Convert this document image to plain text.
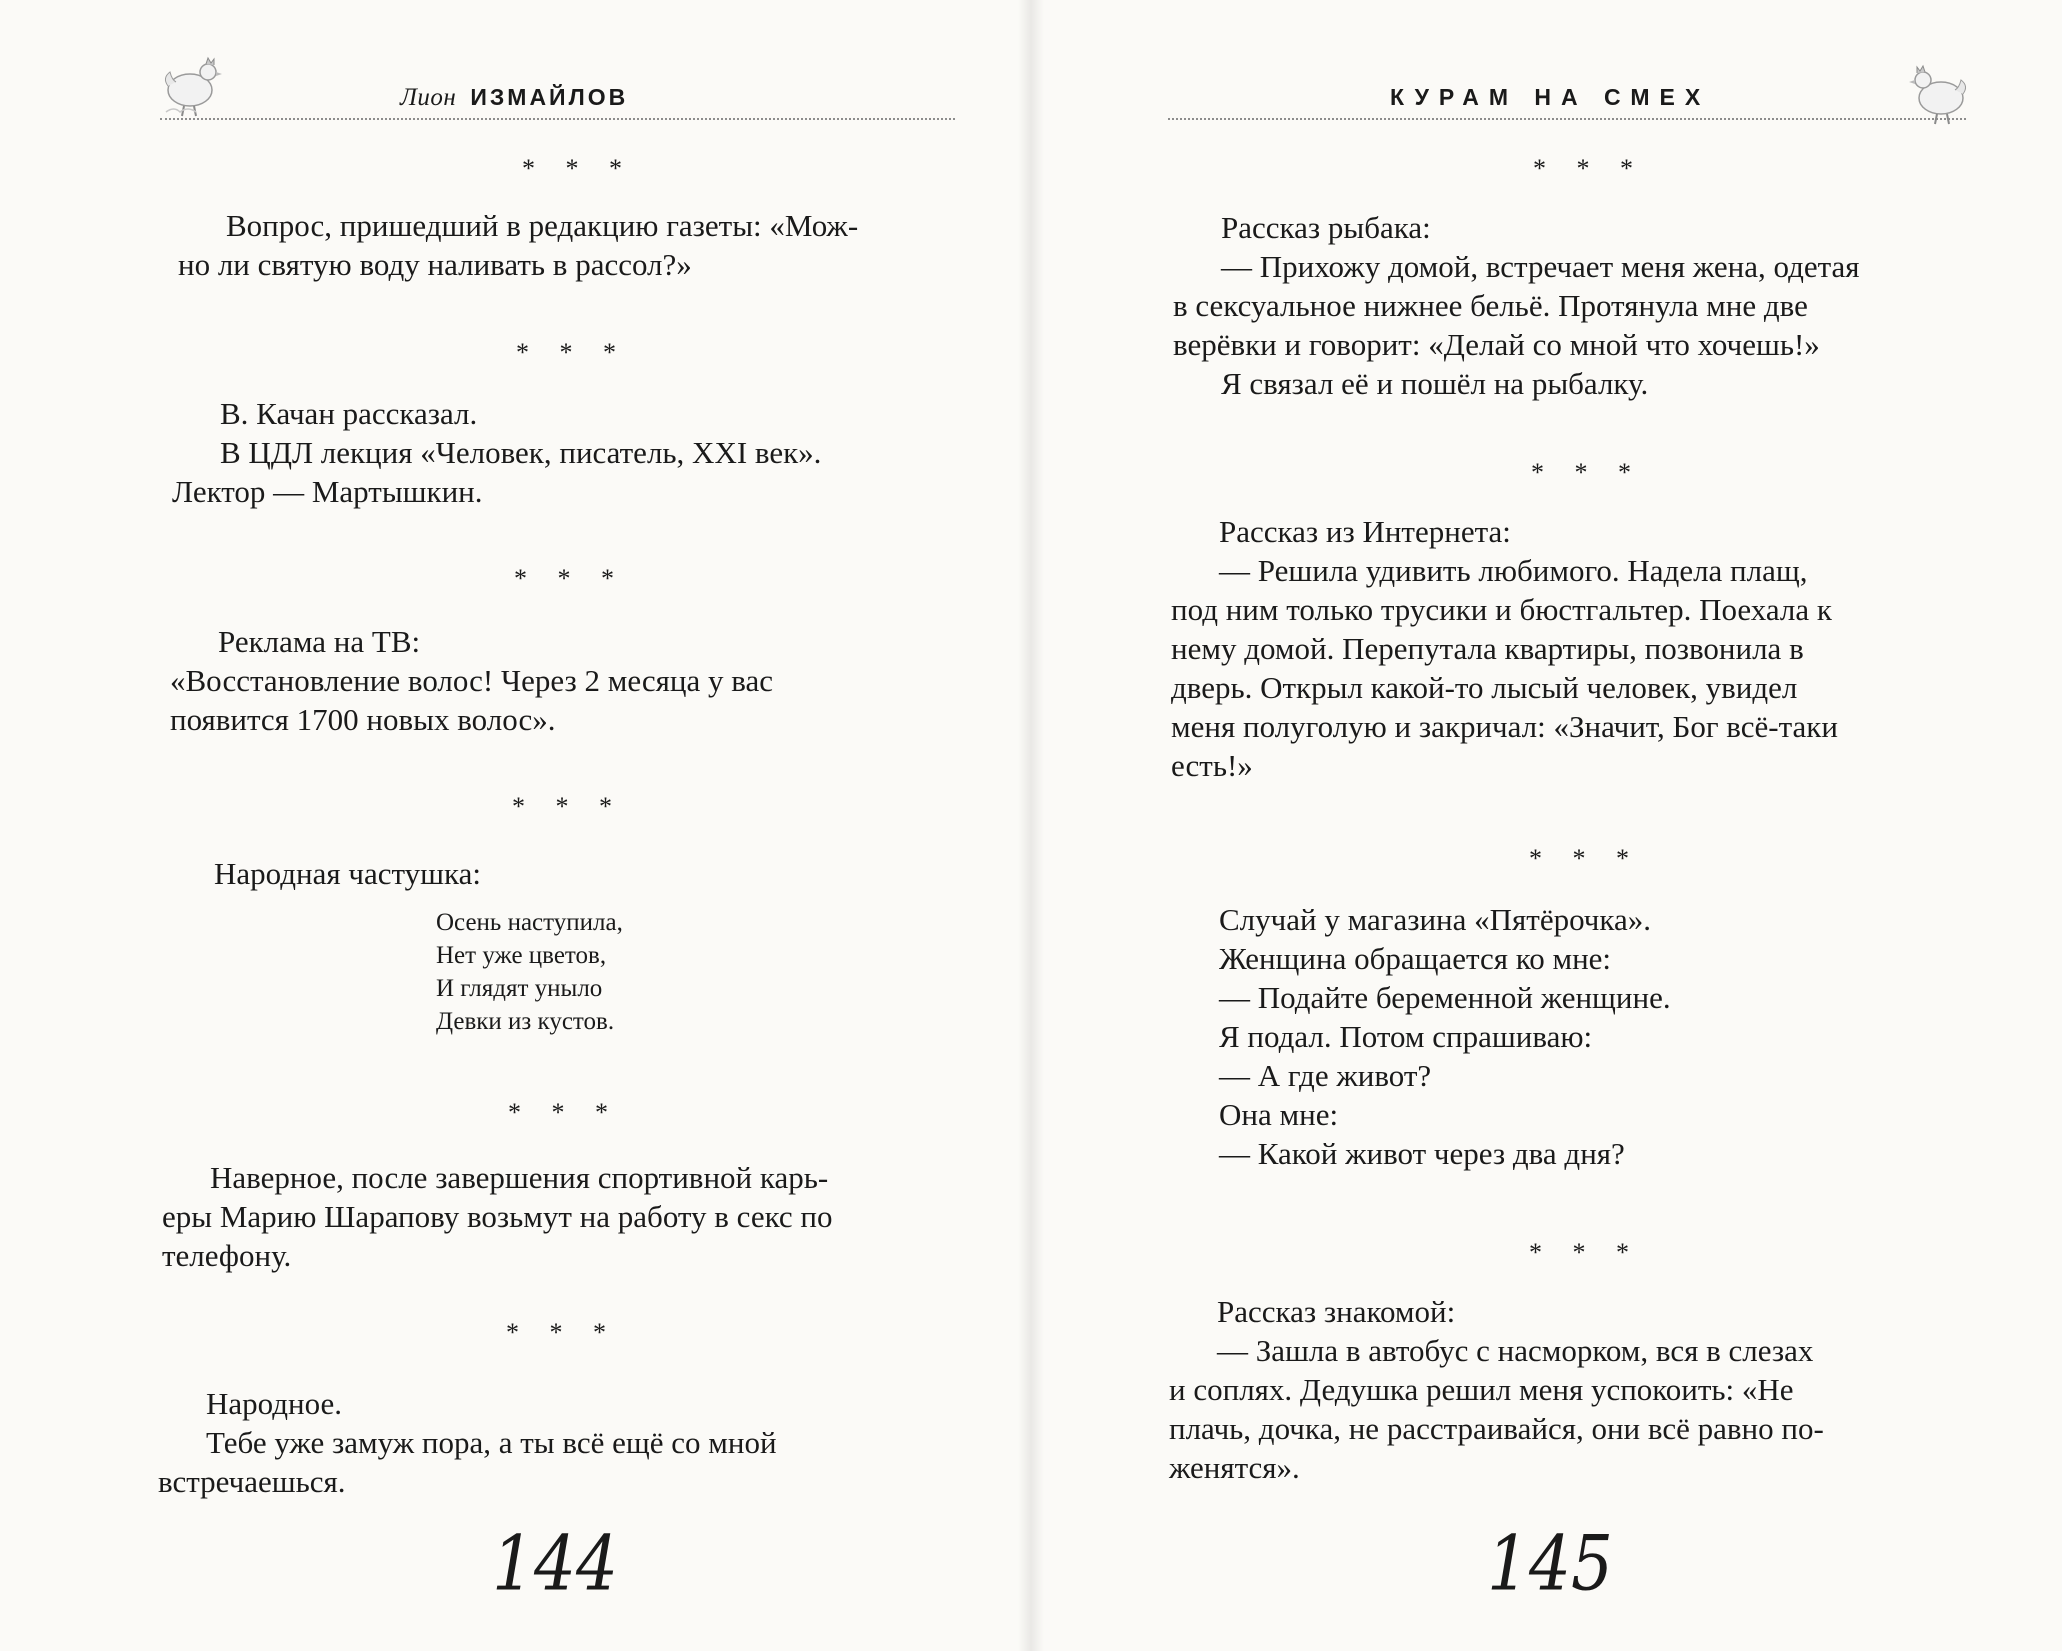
Лион ИЗМАЙЛОВ
* * *

Вопрос, пришедший в редакцию газеты: «Мож-

но ли святую воду наливать в рассол?»

* * *

В. Качан рассказал.

В ЦДЛ лекция «Человек, писатель, XXI век».

Лектор — Мартышкин.

* * *

Реклама на ТВ:

«Восстановление волос! Через 2 месяца у вас

появится 1700 новых волос».

* * *

Народная частушка:

Осень наступила,
Нет уже цветов,
И глядят уныло
Девки из кустов.
* * *

Наверное, после завершения спортивной карь-

еры Марию Шарапову возьмут на работу в секс по

телефону.

* * *

Народное.

Тебе уже замуж пора, а ты всё ещё со мной

встречаешься.

144
КУРАМ НА СМЕХ
* * *

Рассказ рыбака:

— Прихожу домой, встречает меня жена, одетая

в сексуальное нижнее бельё. Протянула мне две

верёвки и говорит: «Делай со мной что хочешь!»

Я связал её и пошёл на рыбалку.

* * *

Рассказ из Интернета:

— Решила удивить любимого. Надела плащ,

под ним только трусики и бюстгальтер. Поехала к

нему домой. Перепутала квартиры, позвонила в

дверь. Открыл какой-то лысый человек, увидел

меня полуголую и закричал: «Значит, Бог всё-таки

есть!»

* * *

Случай у магазина «Пятёрочка».

Женщина обращается ко мне:

— Подайте беременной женщине.

Я подал. Потом спрашиваю:

— А где живот?

Она мне:

— Какой живот через два дня?

* * *

Рассказ знакомой:

— Зашла в автобус с насморком, вся в слезах

и соплях. Дедушка решил меня успокоить: «Не

плачь, дочка, не расстраивайся, они всё равно по-

женятся».

145
